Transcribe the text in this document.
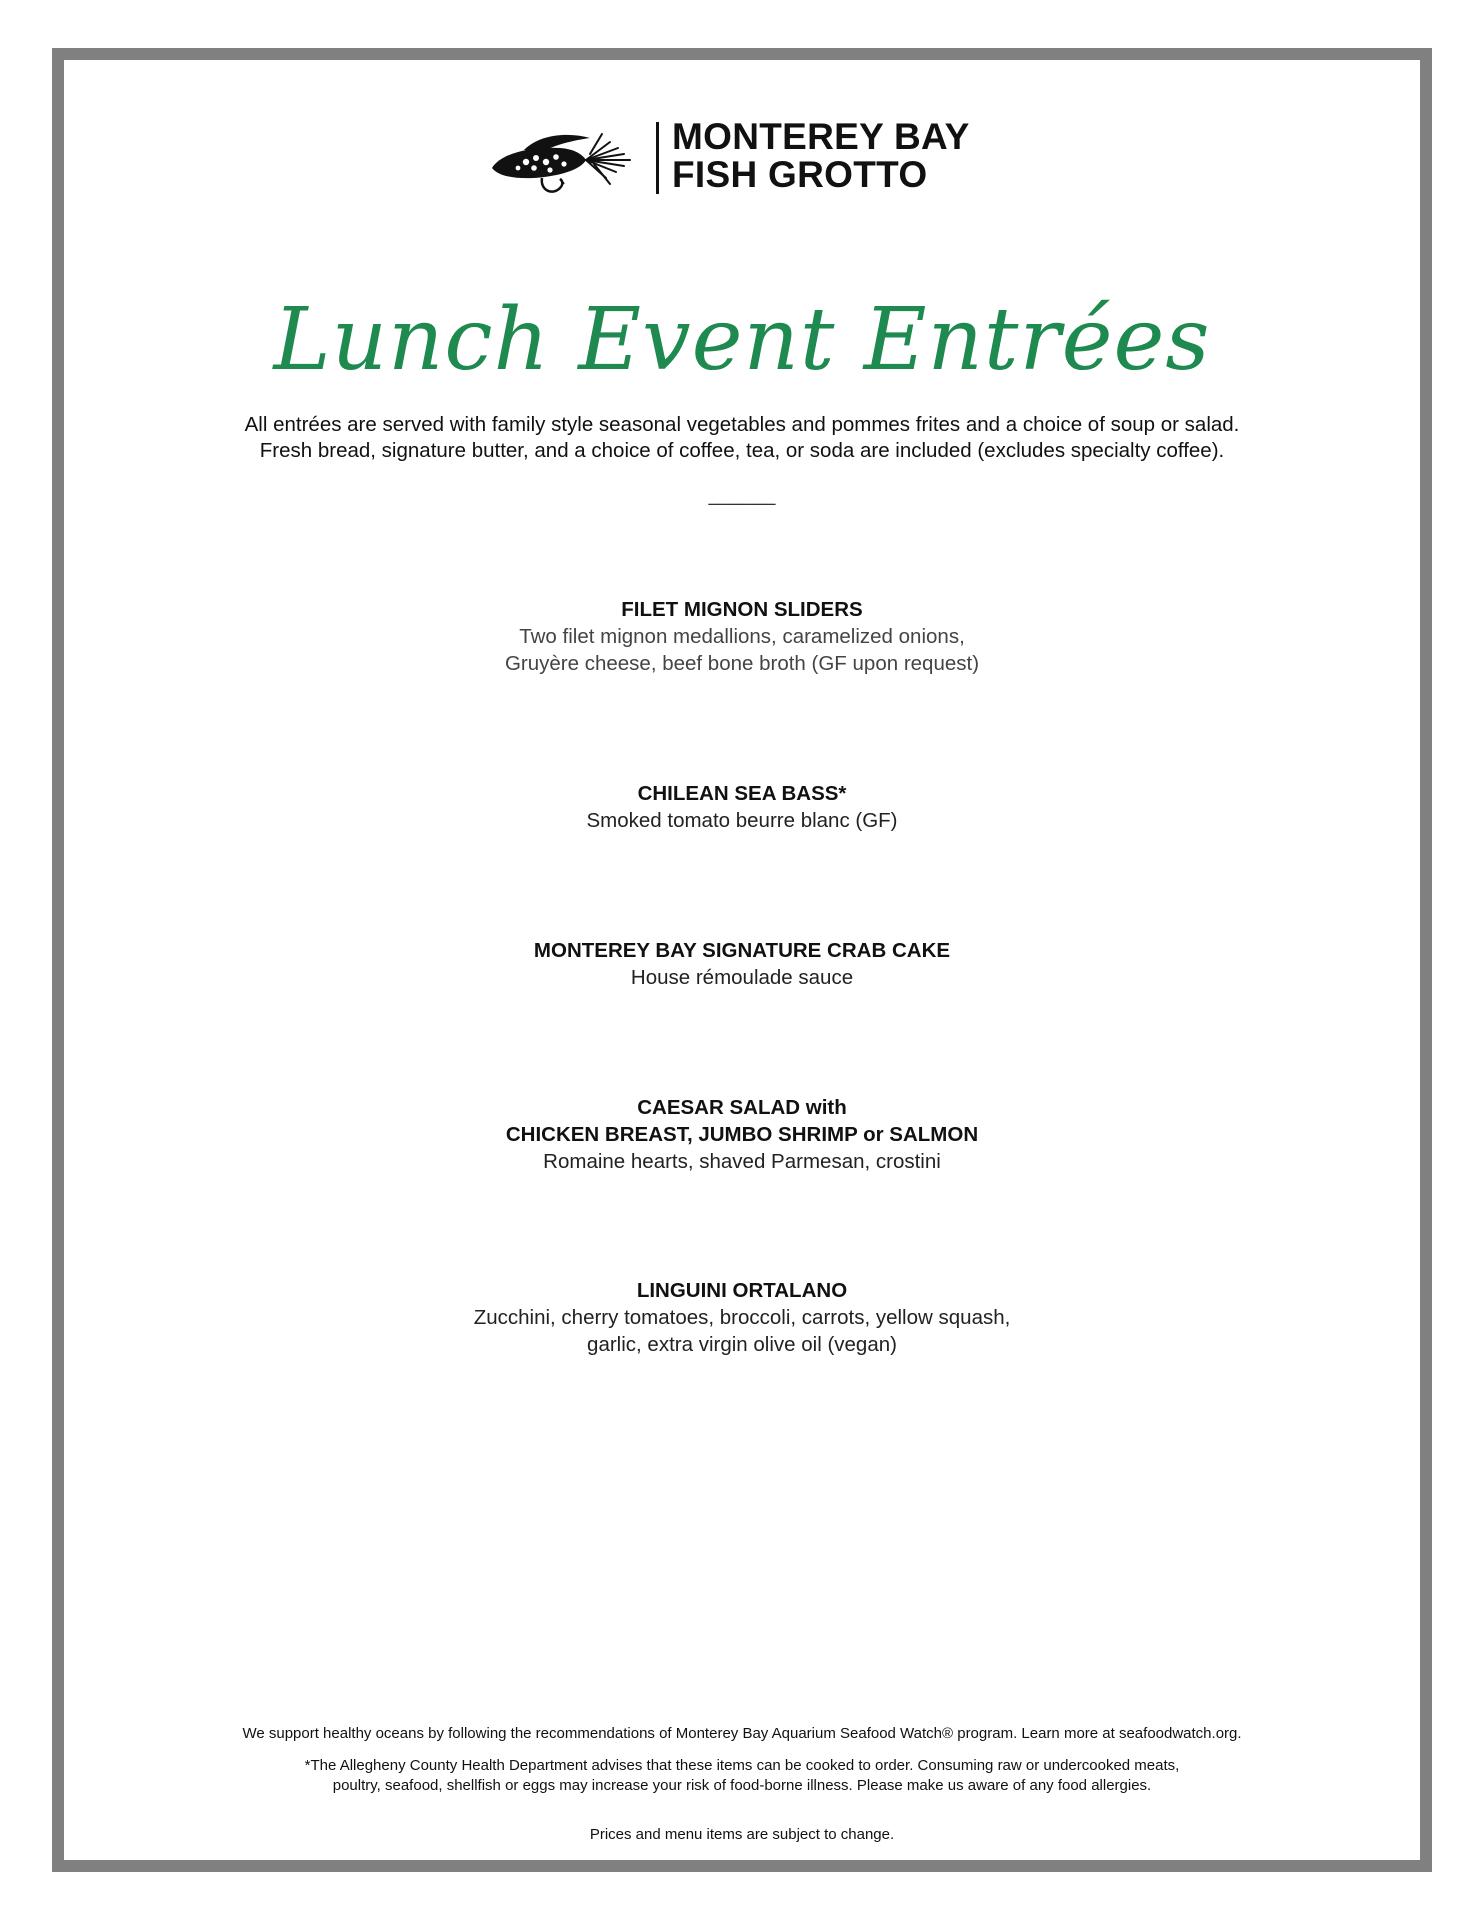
MONTEREY BAY
FISH GROTTO
Lunch Event Entrées
All entrées are served with family style seasonal vegetables and pommes frites and a choice of soup or salad.
Fresh bread, signature butter, and a choice of coffee, tea, or soda are included (excludes specialty coffee).
______
FILET MIGNON SLIDERS
Two filet mignon medallions, caramelized onions,
Gruyère cheese, beef bone broth (GF upon request)
CHILEAN SEA BASS*
Smoked tomato beurre blanc (GF)
MONTEREY BAY SIGNATURE CRAB CAKE
House rémoulade sauce
CAESAR SALAD with
CHICKEN BREAST, JUMBO SHRIMP or SALMON
Romaine hearts, shaved Parmesan, crostini
LINGUINI ORTALANO
Zucchini, cherry tomatoes, broccoli, carrots, yellow squash,
garlic, extra virgin olive oil (vegan)
We support healthy oceans by following the recommendations of Monterey Bay Aquarium Seafood Watch® program. Learn more at seafoodwatch.org.
*The Allegheny County Health Department advises that these items can be cooked to order. Consuming raw or undercooked meats,
poultry, seafood, shellfish or eggs may increase your risk of food-borne illness. Please make us aware of any food allergies.
Prices and menu items are subject to change.
